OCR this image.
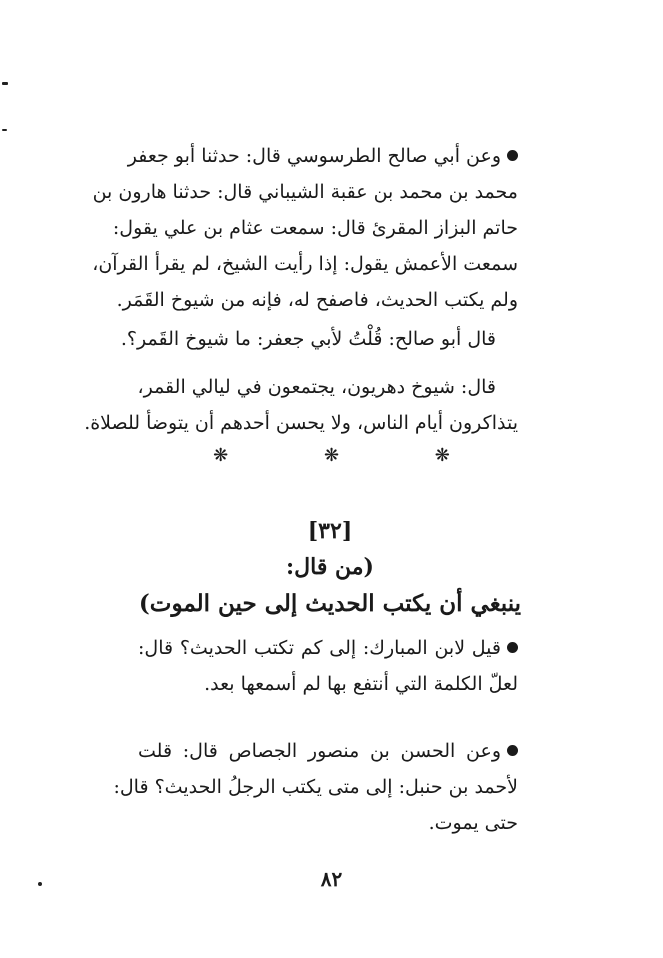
وعن أبي صالح الطرسوسي قال: حدثنا أبو جعفر
محمد بن محمد بن عقبة الشيباني قال: حدثنا هارون بن
حاتم البزاز المقرئ قال: سمعت عثام بن علي يقول:
سمعت الأعمش يقول: إذا رأيت الشيخ، لم يقرأ القرآن،
ولم يكتب الحديث، فاصفح له، فإنه من شيوخ القَمَر.
قال أبو صالح: قُلْتُ لأبي جعفر: ما شيوخ القَمر؟.
قال: شيوخ دهريون، يجتمعون في ليالي القمر،
يتذاكرون أيام الناس، ولا يحسن أحدهم أن يتوضأ للصلاة.
❋	❋	❋
[٣٢]
(من قال:
ينبغي أن يكتب الحديث إلى حين الموت)
قيل لابن المبارك: إلى كم تكتب الحديث؟ قال:
لعلّ الكلمة التي أنتفع بها لم أسمعها بعد.
وعن الحسن بن منصور الجصاص قال: قلت
لأحمد بن حنبل: إلى متى يكتب الرجلُ الحديث؟ قال:
حتى يموت.
٨٢
